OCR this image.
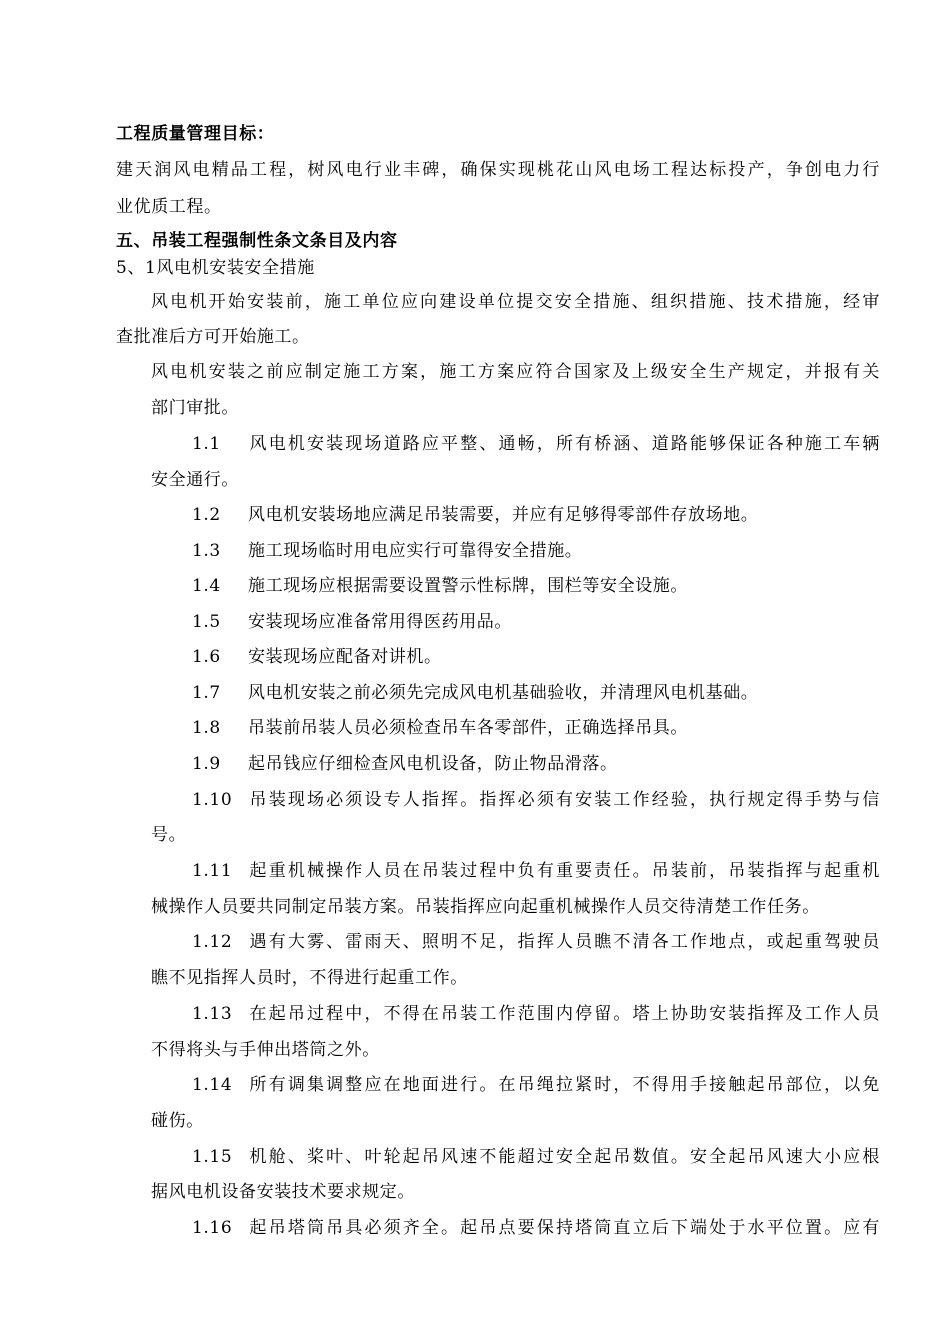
工程质量管理目标：
建天润风电精品工程，树风电行业丰碑，确保实现桃花山风电场工程达标投产，争创电力行
业优质工程。
五、吊装工程强制性条文条目及内容
5、1风电机安装安全措施
风电机开始安装前，施工单位应向建设单位提交安全措施、组织措施、技术措施，经审
查批准后方可开始施工。
风电机安装之前应制定施工方案，施工方案应符合国家及上级安全生产规定，并报有关
部门审批。
1.1 风电机安装现场道路应平整、通畅，所有桥涵、道路能够保证各种施工车辆
安全通行。
1.2 风电机安装场地应满足吊装需要，并应有足够得零部件存放场地。
1.3 施工现场临时用电应实行可靠得安全措施。
1.4 施工现场应根据需要设置警示性标牌，围栏等安全设施。
1.5 安装现场应准备常用得医药用品。
1.6 安装现场应配备对讲机。
1.7 风电机安装之前必须先完成风电机基础验收，并清理风电机基础。
1.8 吊装前吊装人员必须检查吊车各零部件，正确选择吊具。
1.9 起吊钱应仔细检查风电机设备，防止物品滑落。
1.10 吊装现场必须设专人指挥。指挥必须有安装工作经验，执行规定得手势与信
号。
1.11 起重机械操作人员在吊装过程中负有重要责任。吊装前，吊装指挥与起重机
械操作人员要共同制定吊装方案。吊装指挥应向起重机械操作人员交待清楚工作任务。
1.12 遇有大雾、雷雨天、照明不足，指挥人员瞧不清各工作地点，或起重驾驶员
瞧不见指挥人员时，不得进行起重工作。
1.13 在起吊过程中，不得在吊装工作范围内停留。塔上协助安装指挥及工作人员
不得将头与手伸出塔筒之外。
1.14 所有调集调整应在地面进行。在吊绳拉紧时，不得用手接触起吊部位，以免
碰伤。
1.15 机舱、桨叶、叶轮起吊风速不能超过安全起吊数值。安全起吊风速大小应根
据风电机设备安装技术要求规定。
1.16 起吊塔筒吊具必须齐全。起吊点要保持塔筒直立后下端处于水平位置。应有
